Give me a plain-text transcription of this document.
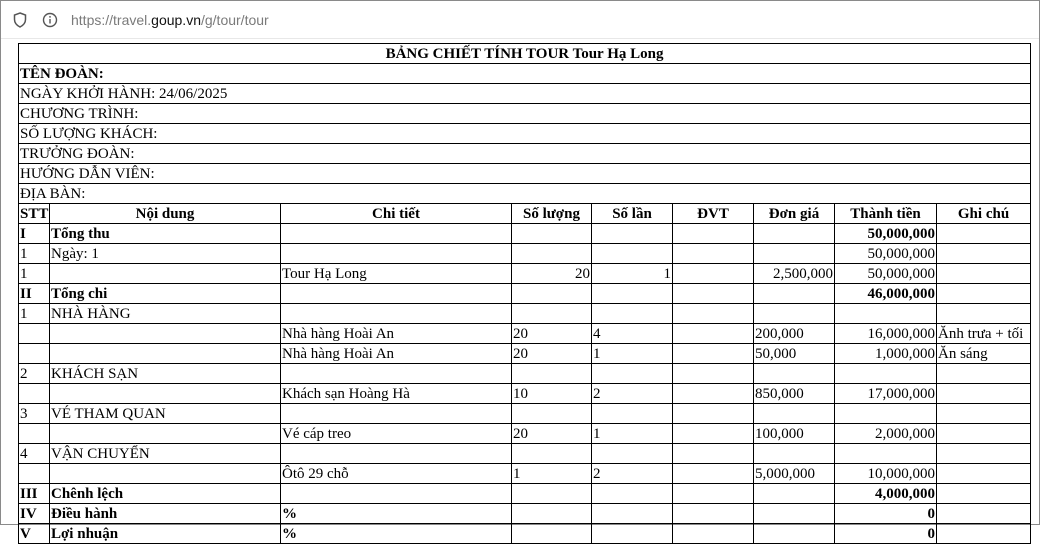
https://travel.goup.vn/g/tour/tour
BẢNG CHIẾT TÍNH TOUR Tour Hạ Long								
TÊN ĐOÀN:								
NGÀY KHỞI HÀNH: 24/06/2025								
CHƯƠNG TRÌNH:								
SỐ LƯỢNG KHÁCH:								
TRƯỞNG ĐOÀN:								
HƯỚNG DẪN VIÊN:								
ĐỊA BÀN:								
STT	Nội dung	Chi tiết	Số lượng	Số lần	ĐVT	Đơn giá	Thành tiền	Ghi chú
I	Tổng thu						50,000,000	
1	Ngày: 1						50,000,000	
1		Tour Hạ Long	20	1		2,500,000	50,000,000	
II	Tổng chi						46,000,000	
1	NHÀ HÀNG							
		Nhà hàng Hoài An	20	4		200,000	16,000,000	Ănh trưa + tối
		Nhà hàng Hoài An	20	1		50,000	1,000,000	Ăn sáng
2	KHÁCH SẠN							
		Khách sạn Hoàng Hà	10	2		850,000	17,000,000	
3	VÉ THAM QUAN							
		Vé cáp treo	20	1		100,000	2,000,000	
4	VẬN CHUYỂN							
		Ôtô 29 chỗ	1	2		5,000,000	10,000,000	
III	Chênh lệch						4,000,000	
IV	Điều hành	%					0	
V	Lợi nhuận	%					0	
